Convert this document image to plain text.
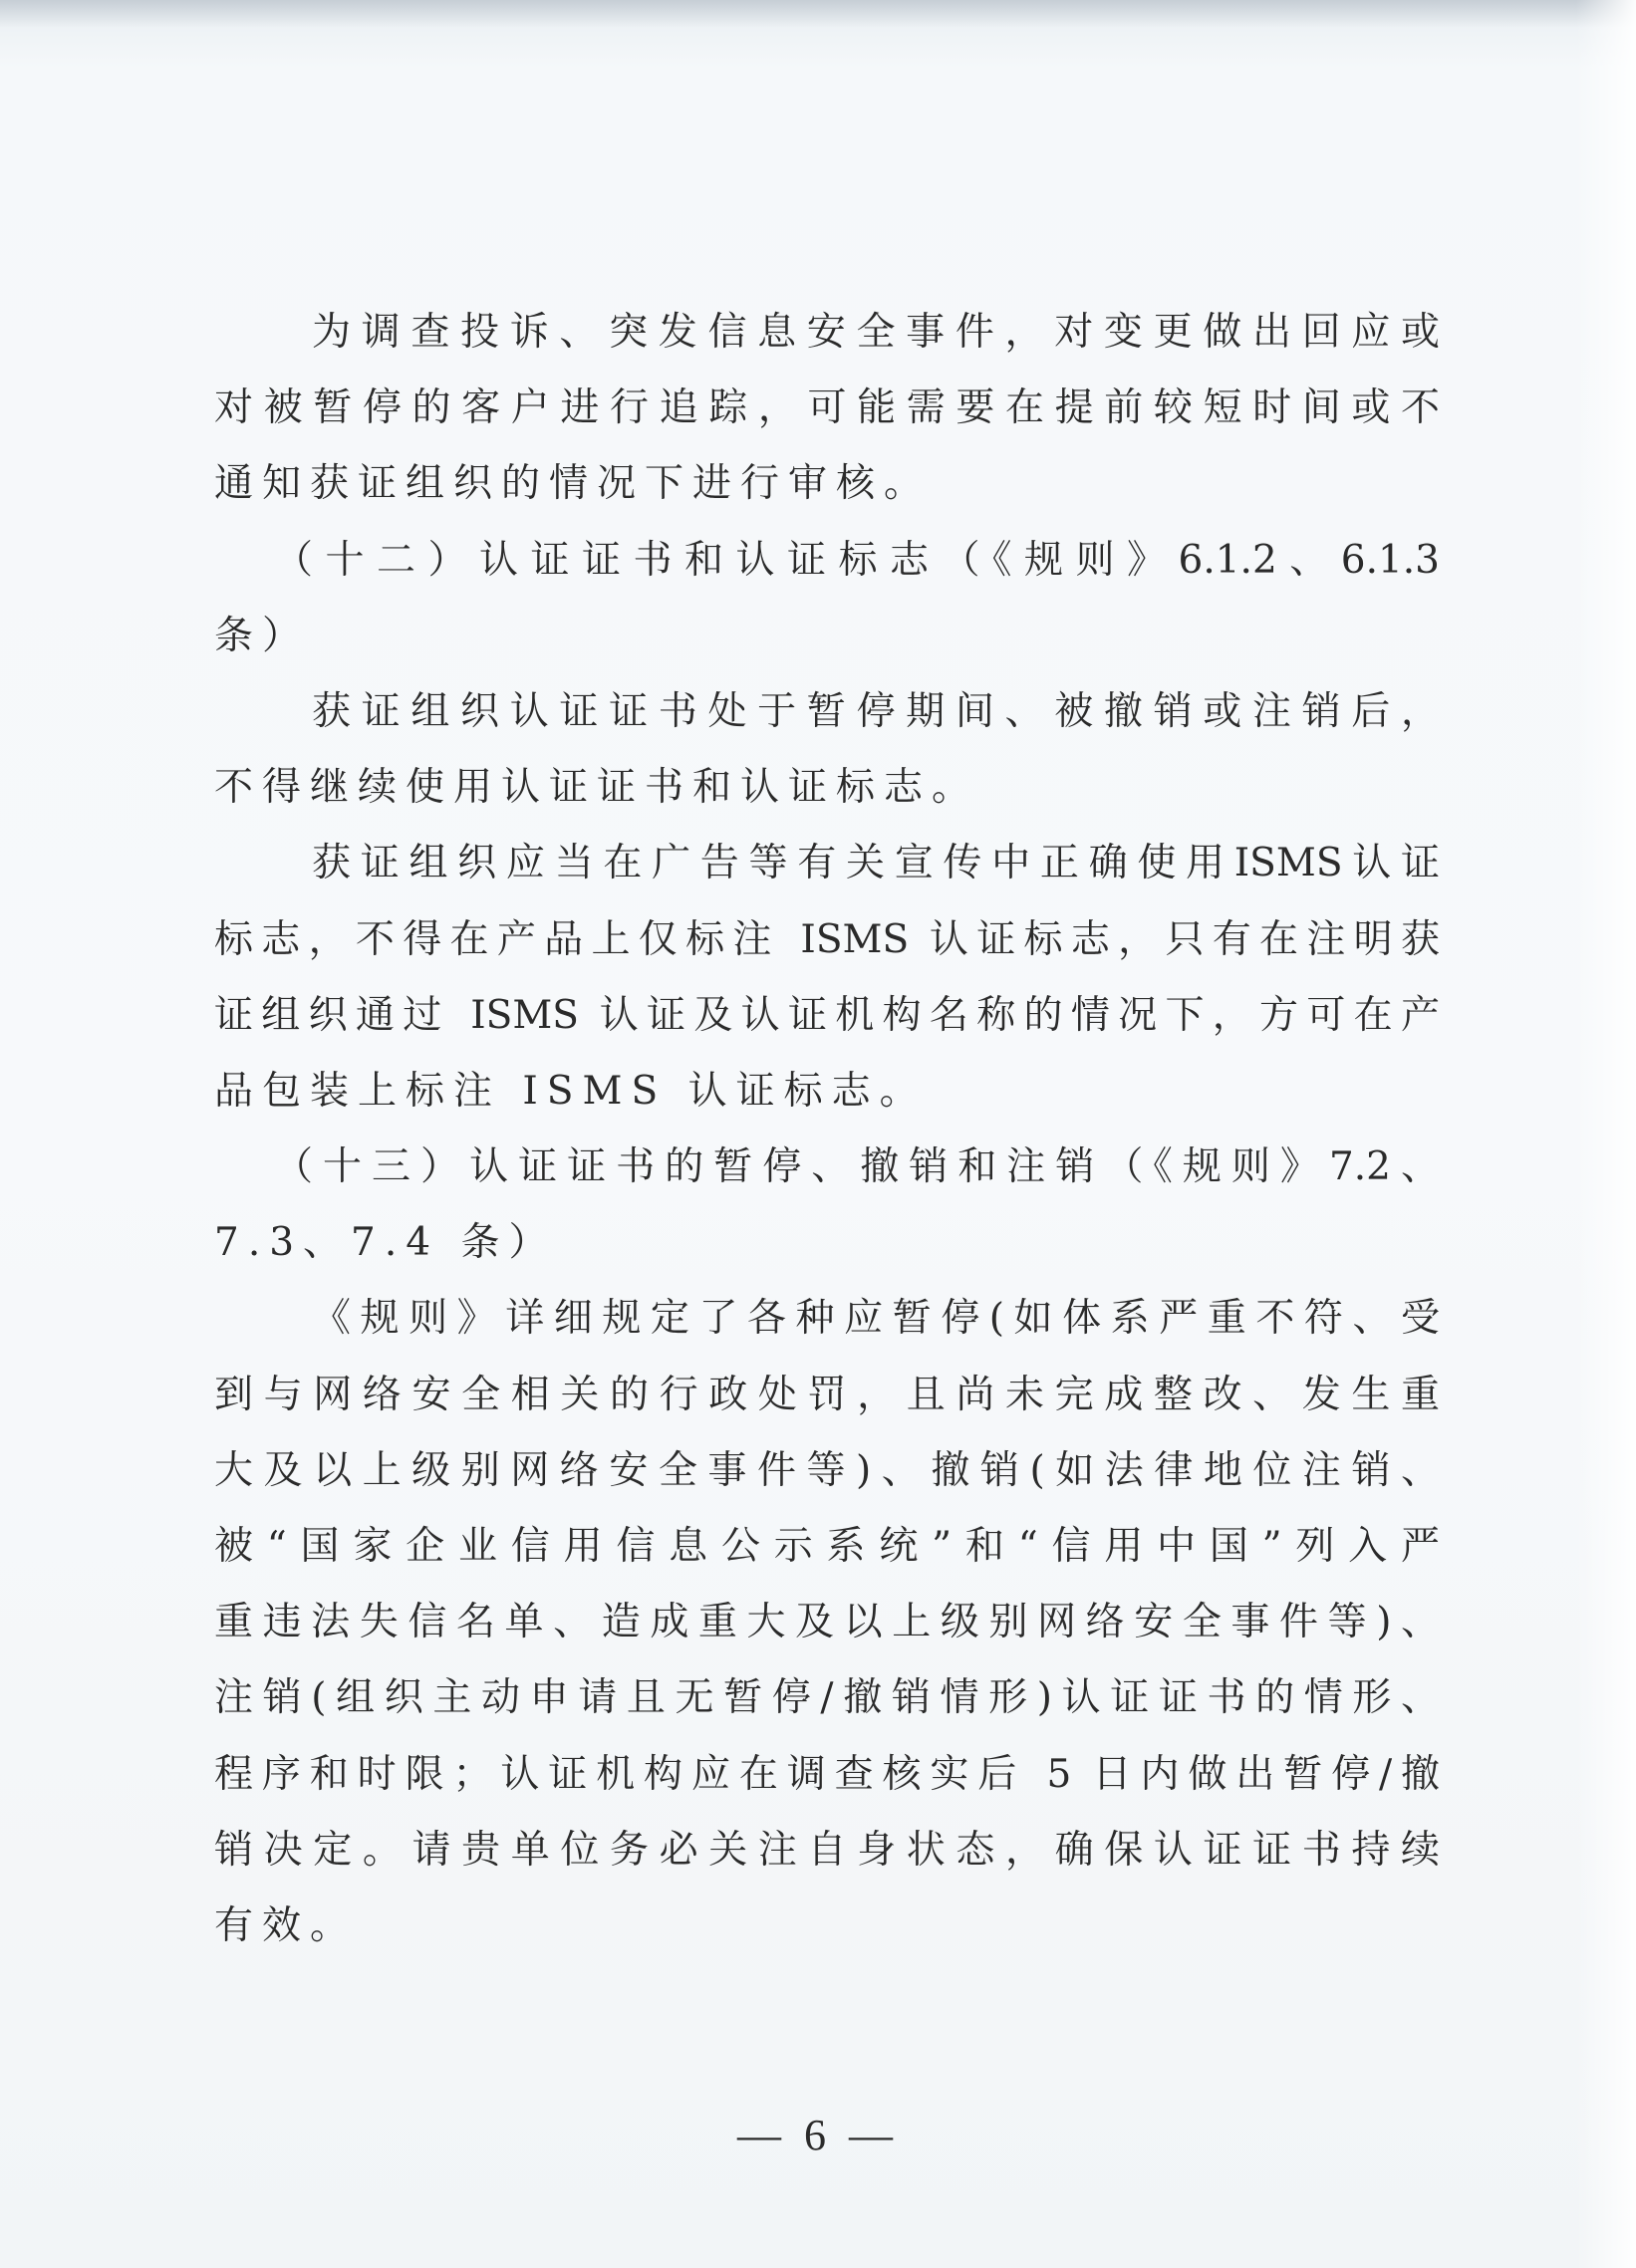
为调查投诉、突发信息安全事件，对变更做出回应或
对被暂停的客户进行追踪，可能需要在提前较短时间或不
通知获证组织的情况下进行审核。
（十二）认证证书和认证标志（《规则》6.1.2、6.1.3
条）
获证组织认证证书处于暂停期间、被撤销或注销后，
不得继续使用认证证书和认证标志。
获证组织应当在广告等有关宣传中正确使用ISMS认证
标志，不得在产品上仅标注 ISMS 认证标志，只有在注明获
证组织通过 ISMS 认证及认证机构名称的情况下，方可在产
品包装上标注 ISMS 认证标志。
（十三）认证证书的暂停、撤销和注销（《规则》7.2、
7.3、7.4 条）
《规则》详细规定了各种应暂停(如体系严重不符、受
到与网络安全相关的行政处罚，且尚未完成整改、发生重
大及以上级别网络安全事件等)、撤销(如法律地位注销、
被“国家企业信用信息公示系统”和“信用中国”列入严
重违法失信名单、造成重大及以上级别网络安全事件等)、
注销(组织主动申请且无暂停/撤销情形)认证证书的情形、
程序和时限；认证机构应在调查核实后 5 日内做出暂停/撤
销决定。请贵单位务必关注自身状态，确保认证证书持续
有效。
— 6 —
